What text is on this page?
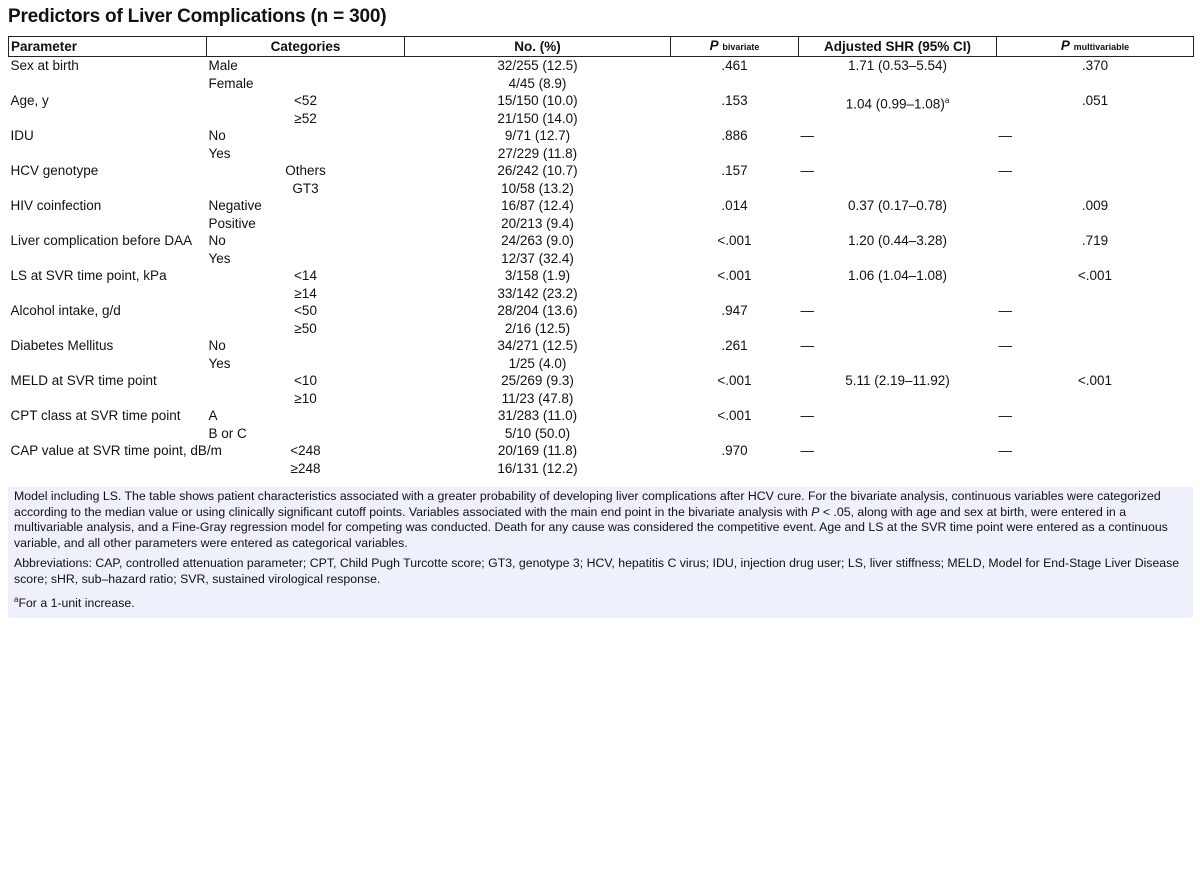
Predictors of Liver Complications (n = 300)
Parameter	Categories	No. (%)	P bivariate	Adjusted SHR (95% CI)	P multivariable
Sex at birth	Male	32/255 (12.5)	.461	1.71 (0.53–5.54)	.370
	Female	4/45 (8.9)			
Age, y	<52	15/150 (10.0)	.153	1.04 $(0.99-1.08)^a$	.051
	≥52	21/150 (14.0)			
IDU	No	9/71 (12.7)	.886	—	—
	Yes	27/229 (11.8)			
HCV genotype	Others	26/242 (10.7)	.157	—	—
	GT3	10/58 (13.2)			
HIV coinfection	Negative	16/87 (12.4)	.014	0.37 (0.17–0.78)	.009
	Positive	20/213 (9.4)			
Liver complication before DAA	No	24/263 (9.0)	<.001	1.20 (0.44–3.28)	.719
	Yes	12/37 (32.4)			
LS at SVR time point, kPa	<14	3/158 (1.9)	<.001	1.06 (1.04–1.08)	<.001
	≥14	33/142 (23.2)			
Alcohol intake, g/d	<50	28/204 (13.6)	.947	—	—
	≥50	2/16 (12.5)			
Diabetes Mellitus	No	34/271 (12.5)	.261	—	—
	Yes	1/25 (4.0)			
MELD at SVR time point	<10	25/269 (9.3)	<.001	5.11 (2.19–11.92)	<.001
	≥10	11/23 (47.8)			
CPT class at SVR time point	A	31/283 (11.0)	<.001	—	—
	B or C	5/10 (50.0)			
CAP value at SVR time point, dB/m	<248	20/169 (11.8)	.970	—	—
	≥248	16/131 (12.2)			

Model including LS. The table shows patient characteristics associated with a greater probability of developing liver complications after HCV cure. For the bivariate analysis, continuous variables were categorized according to the median value or using clinically significant cutoff points. Variables associated with the main end point in the bivariate analysis with P < .05, along with age and sex at birth, were entered in a multivariable analysis, and a Fine-Gray regression model for competing was conducted. Death for any cause was considered the competitive event. Age and LS at the SVR time point were entered as a continuous variable, and all other parameters were entered as categorical variables.

Abbreviations: CAP, controlled attenuation parameter; CPT, Child Pugh Turcotte score; GT3, genotype 3; HCV, hepatitis C virus; IDU, injection drug user; LS, liver stiffness; MELD, Model for End-Stage Liver Disease score; sHR, sub–hazard ratio; SVR, sustained virological response.

$^a$For a 1-unit increase.
